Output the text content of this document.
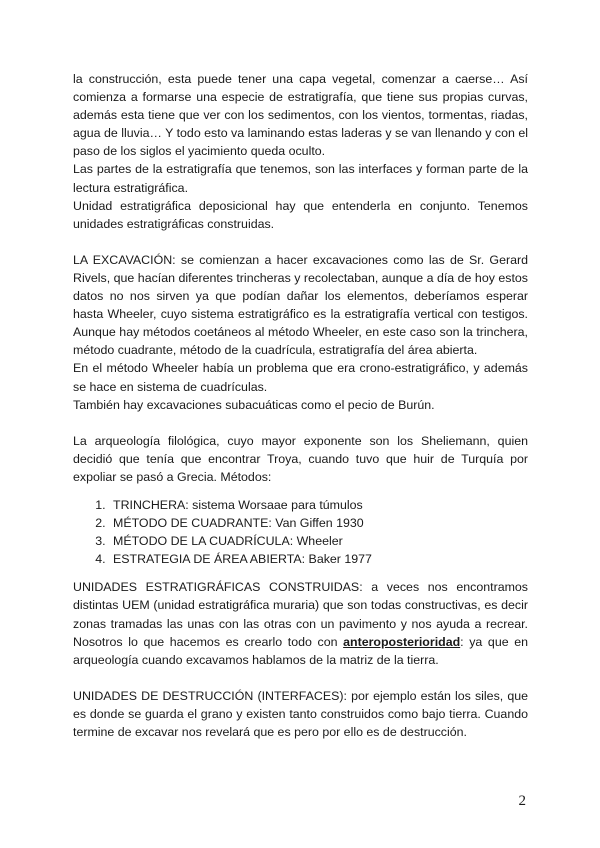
la construcción, esta puede tener una capa vegetal, comenzar a caerse… Así comienza a formarse una especie de estratigrafía, que tiene sus propias curvas, además esta tiene que ver con los sedimentos, con los vientos, tormentas, riadas, agua de lluvia… Y todo esto va laminando estas laderas y se van llenando y con el paso de los siglos el yacimiento queda oculto.

Las partes de la estratigrafía que tenemos, son las interfaces y forman parte de la lectura estratigráfica.

Unidad estratigráfica deposicional hay que entenderla en conjunto. Tenemos unidades estratigráficas construidas.

LA EXCAVACIÓN: se comienzan a hacer excavaciones como las de Sr. Gerard Rivels, que hacían diferentes trincheras y recolectaban, aunque a día de hoy estos datos no nos sirven ya que podían dañar los elementos, deberíamos esperar hasta Wheeler, cuyo sistema estratigráfico es la estratigrafía vertical con testigos. Aunque hay métodos coetáneos al método Wheeler, en este caso son la trinchera, método cuadrante, método de la cuadrícula, estratigrafía del área abierta.

En el método Wheeler había un problema que era crono-estratigráfico, y además se hace en sistema de cuadrículas.

También hay excavaciones subacuáticas como el pecio de Burún.

La arqueología filológica, cuyo mayor exponente son los Sheliemann, quien decidió que tenía que encontrar Troya, cuando tuvo que huir de Turquía por expoliar se pasó a Grecia. Métodos:

1. TRINCHERA: sistema Worsaae para túmulos
2. MÉTODO DE CUADRANTE: Van Giffen 1930
3. MÉTODO DE LA CUADRÍCULA: Wheeler
4. ESTRATEGIA DE ÁREA ABIERTA: Baker 1977

UNIDADES ESTRATIGRÁFICAS CONSTRUIDAS: a veces nos encontramos distintas UEM (unidad estratigráfica muraria) que son todas constructivas, es decir zonas tramadas las unas con las otras con un pavimento y nos ayuda a recrear. Nosotros lo que hacemos es crearlo todo con anteroposterioridad: ya que en arqueología cuando excavamos hablamos de la matriz de la tierra.

UNIDADES DE DESTRUCCIÓN (INTERFACES): por ejemplo están los siles, que es donde se guarda el grano y existen tanto construidos como bajo tierra. Cuando termine de excavar nos revelará que es pero por ello es de destrucción.

2
